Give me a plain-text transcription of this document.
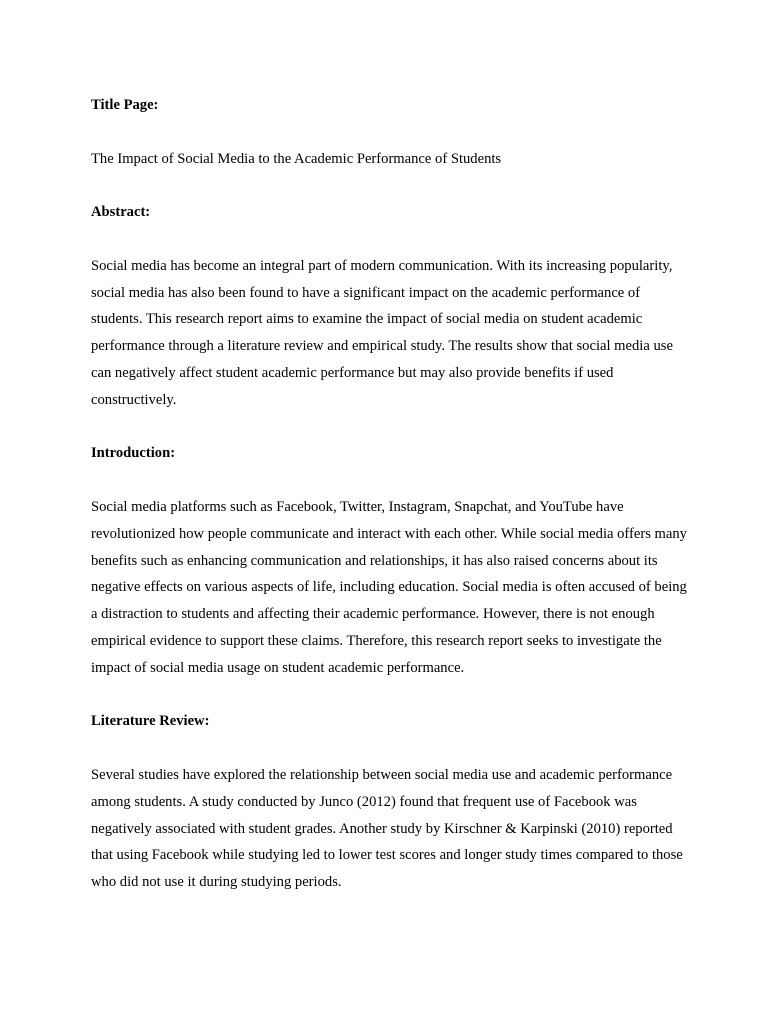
Title Page:
The Impact of Social Media to the Academic Performance of Students
Abstract:
Social media has become an integral part of modern communication. With its increasing popularity, social media has also been found to have a significant impact on the academic performance of students. This research report aims to examine the impact of social media on student academic performance through a literature review and empirical study. The results show that social media use can negatively affect student academic performance but may also provide benefits if used constructively.
Introduction:
Social media platforms such as Facebook, Twitter, Instagram, Snapchat, and YouTube have revolutionized how people communicate and interact with each other. While social media offers many benefits such as enhancing communication and relationships, it has also raised concerns about its negative effects on various aspects of life, including education. Social media is often accused of being a distraction to students and affecting their academic performance. However, there is not enough empirical evidence to support these claims. Therefore, this research report seeks to investigate the impact of social media usage on student academic performance.
Literature Review:
Several studies have explored the relationship between social media use and academic performance among students. A study conducted by Junco (2012) found that frequent use of Facebook was negatively associated with student grades. Another study by Kirschner & Karpinski (2010) reported that using Facebook while studying led to lower test scores and longer study times compared to those who did not use it during studying periods.
